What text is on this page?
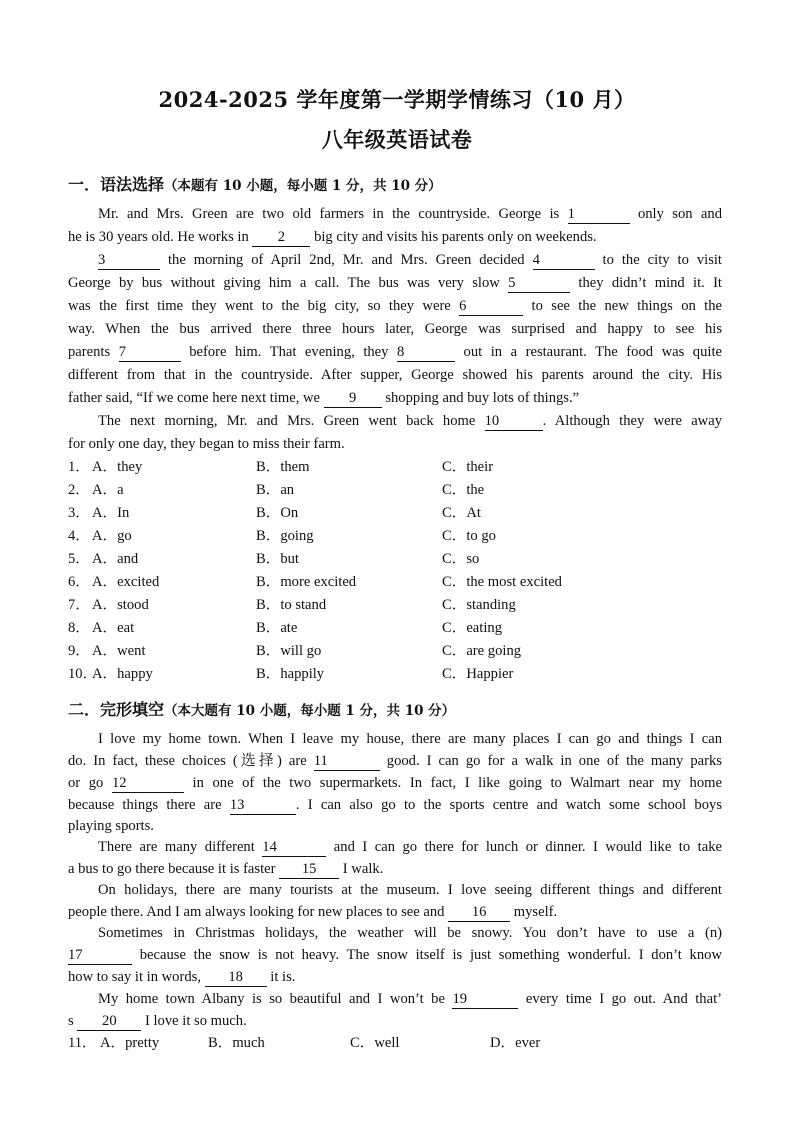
2024-2025 学年度第一学期学情练习（10 月）
八年级英语试卷
一．语法选择（本题有 10 小题，每小题 1 分，共 10 分）
Mr. and Mrs. Green are two old farmers in the countryside. George is 1	only son and
he is 30 years old. He works in 2 big city and visits his parents only on weekends.
3	the morning of April 2nd, Mr. and Mrs. Green decided 4	to the city to visit
George by bus without giving him a call. The bus was very slow 5	they didn’t mind it. It
was the first time they went to the big city, so they were 6	to see the new things on the
way. When the bus arrived there three hours later, George was surprised and happy to see his
parents 7	before him. That evening, they 8	out in a restaurant. The food was quite
different from that in the countryside. After supper, George showed his parents around the city. His
father said, “If we come here next time, we 9 shopping and buy lots of things.”
The next morning, Mr. and Mrs. Green went back home 10	. Although they were away
for only one day, they began to miss their farm.
1． A．they	B．them	C．their
2． A．a	B．an	C．the
3． A．In	B．On	C．At
4． A．go	B．going	C．to go
5． A．and	B．but	C．so
6． A．excited	B．more excited	C．the most excited
7． A．stood	B．to stand	C．standing
8． A．eat	B．ate	C．eating
9． A．went	B．will go	C．are going
10．
A．happy	B．happily	C．Happier
二．完形填空（本大题有 10 小题，每小题 1 分，共 10 分）
I love my home town. When I leave my house, there are many places I can go and things I can
do. In fact, these choices (选择) are 11	good. I can go for a walk in one of the many parks
or go 12	in one of the two supermarkets. In fact, I like going to Walmart near my home
because things there are 13	. I can also go to the sports centre and watch some school boys
playing sports.
There are many different 14	and I can go there for lunch or dinner. I would like to take
a bus to go there because it is faster 15 I walk.
On holidays, there are many tourists at the museum. I love seeing different things and different
people there. And I am always looking for new places to see and 16 myself.
Sometimes in Christmas holidays, the weather will be snowy. You don’t have to use a (n)
17	because the snow is not heavy. The snow itself is just something wonderful. I don’t know
how to say it in words, 18 it is.
My home town Albany is so beautiful and I won’t be 19	every time I go out. And that’
s 20 I love it so much.
11． A．pretty	B．much	C．well	D．ever
